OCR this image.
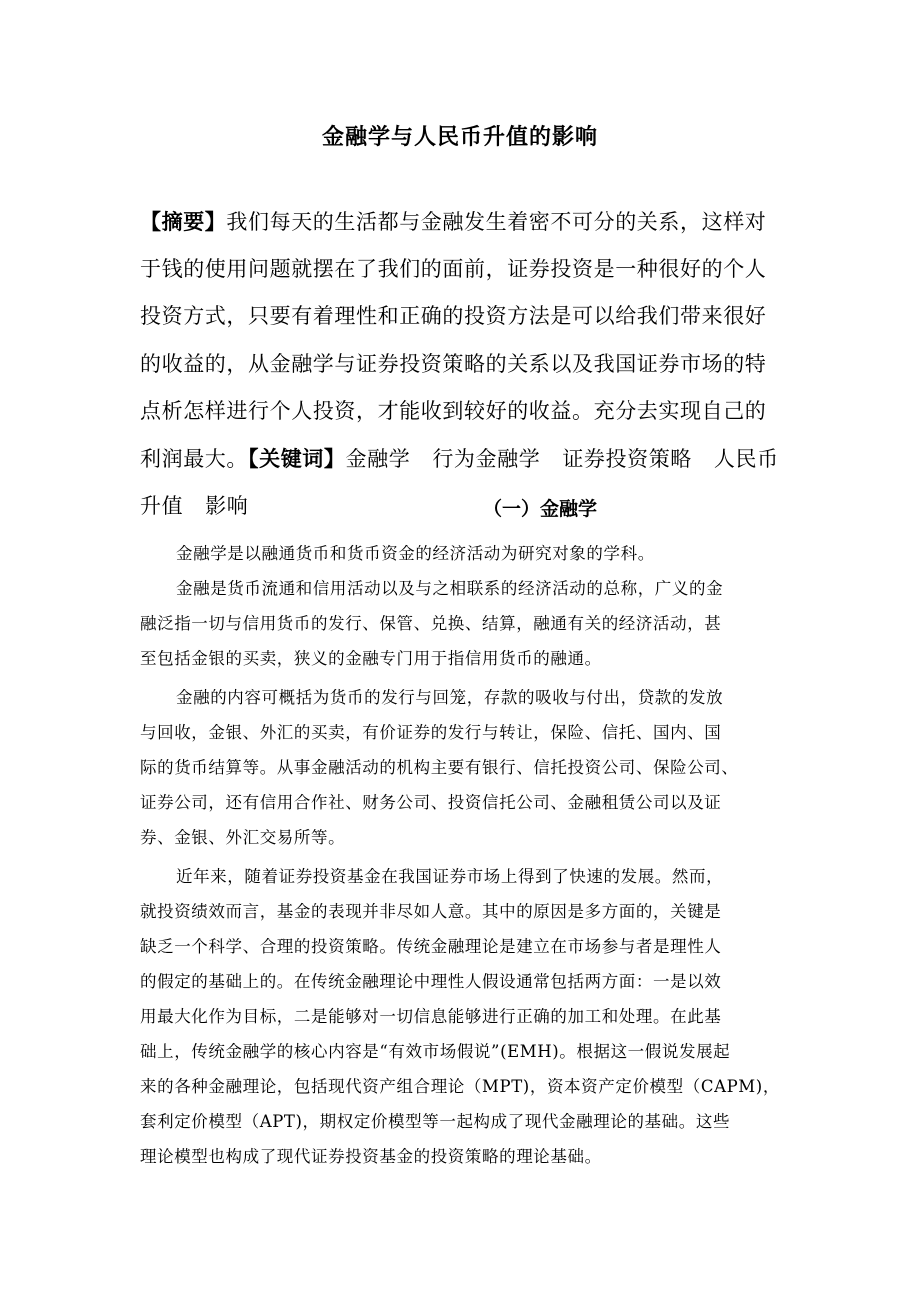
金融学与人民币升值的影响
【摘要】我们每天的生活都与金融发生着密不可分的关系，这样对
于钱的使用问题就摆在了我们的面前，证券投资是一种很好的个人
投资方式，只要有着理性和正确的投资方法是可以给我们带来很好
的收益的，从金融学与证券投资策略的关系以及我国证券市场的特
点析怎样进行个人投资，才能收到较好的收益。充分去实现自己的
利润最大。【关键词】金融学 行为金融学 证券投资策略 人民币
升值 影响	（一）金融学
金融学是以融通货币和货币资金的经济活动为研究对象的学科。
金融是货币流通和信用活动以及与之相联系的经济活动的总称，广义的金
融泛指一切与信用货币的发行、保管、兑换、结算，融通有关的经济活动，甚
至包括金银的买卖，狭义的金融专门用于指信用货币的融通。
金融的内容可概括为货币的发行与回笼，存款的吸收与付出，贷款的发放
与回收，金银、外汇的买卖，有价证券的发行与转让，保险、信托、国内、国
际的货币结算等。从事金融活动的机构主要有银行、信托投资公司、保险公司、
证券公司，还有信用合作社、财务公司、投资信托公司、金融租赁公司以及证
券、金银、外汇交易所等。
近年来，随着证券投资基金在我国证券市场上得到了快速的发展。然而，
就投资绩效而言，基金的表现并非尽如人意。其中的原因是多方面的，关键是
缺乏一个科学、合理的投资策略。传统金融理论是建立在市场参与者是理性人
的假定的基础上的。在传统金融理论中理性人假设通常包括两方面：一是以效
用最大化作为目标，二是能够对一切信息能够进行正确的加工和处理。在此基
础上，传统金融学的核心内容是“有效市场假说”(EMH)。根据这一假说发展起
来的各种金融理论，包括现代资产组合理论（MPT)，资本资产定价模型（CAPM)，
套利定价模型（APT)，期权定价模型等一起构成了现代金融理论的基础。这些
理论模型也构成了现代证券投资基金的投资策略的理论基础。
